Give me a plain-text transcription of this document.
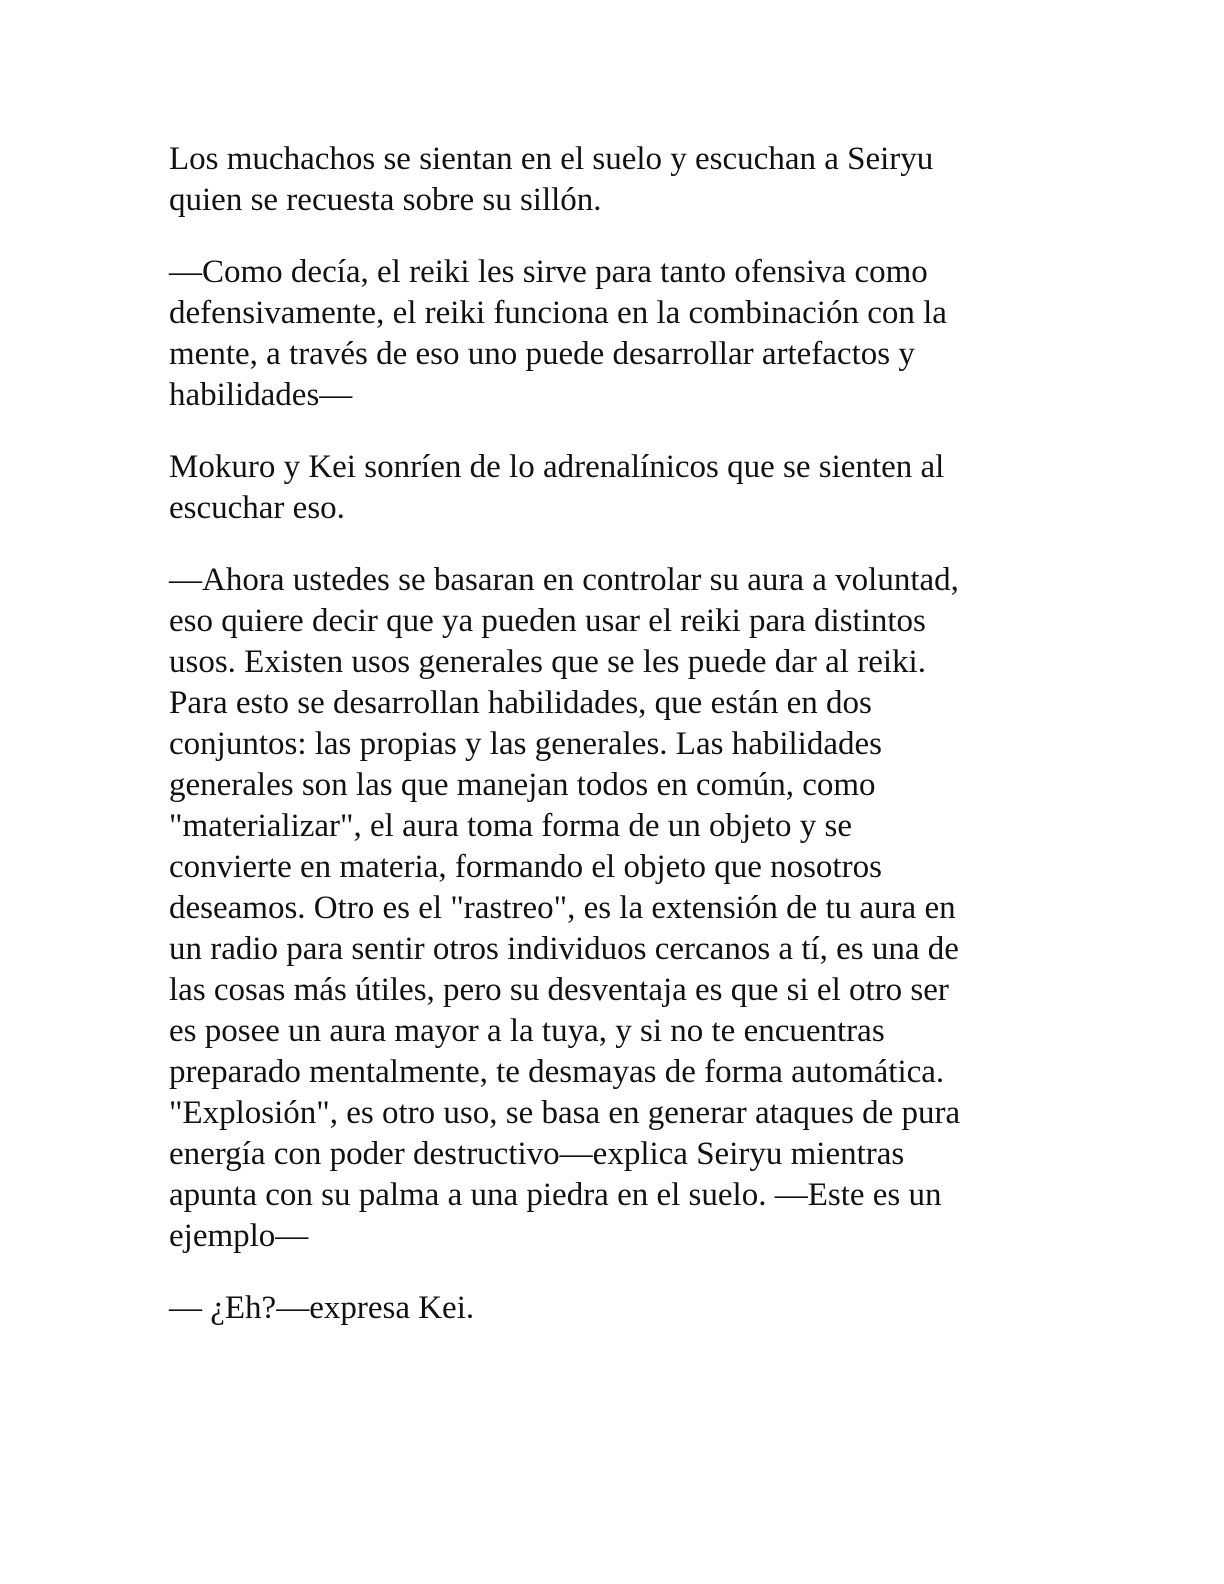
Los muchachos se sientan en el suelo y escuchan a Seiryu
quien se recuesta sobre su sillón.

—Como decía, el reiki les sirve para tanto ofensiva como
defensivamente, el reiki funciona en la combinación con la
mente, a través de eso uno puede desarrollar artefactos y
habilidades—

Mokuro y Kei sonríen de lo adrenalínicos que se sienten al
escuchar eso.

—Ahora ustedes se basaran en controlar su aura a voluntad,
eso quiere decir que ya pueden usar el reiki para distintos
usos. Existen usos generales que se les puede dar al reiki.
Para esto se desarrollan habilidades, que están en dos
conjuntos: las propias y las generales. Las habilidades
generales son las que manejan todos en común, como
"materializar", el aura toma forma de un objeto y se
convierte en materia, formando el objeto que nosotros
deseamos. Otro es el "rastreo", es la extensión de tu aura en
un radio para sentir otros individuos cercanos a tí, es una de
las cosas más útiles, pero su desventaja es que si el otro ser
es posee un aura mayor a la tuya, y si no te encuentras
preparado mentalmente, te desmayas de forma automática.
"Explosión", es otro uso, se basa en generar ataques de pura
energía con poder destructivo—explica Seiryu mientras
apunta con su palma a una piedra en el suelo. —Este es un
ejemplo—

— ¿Eh?—expresa Kei.
